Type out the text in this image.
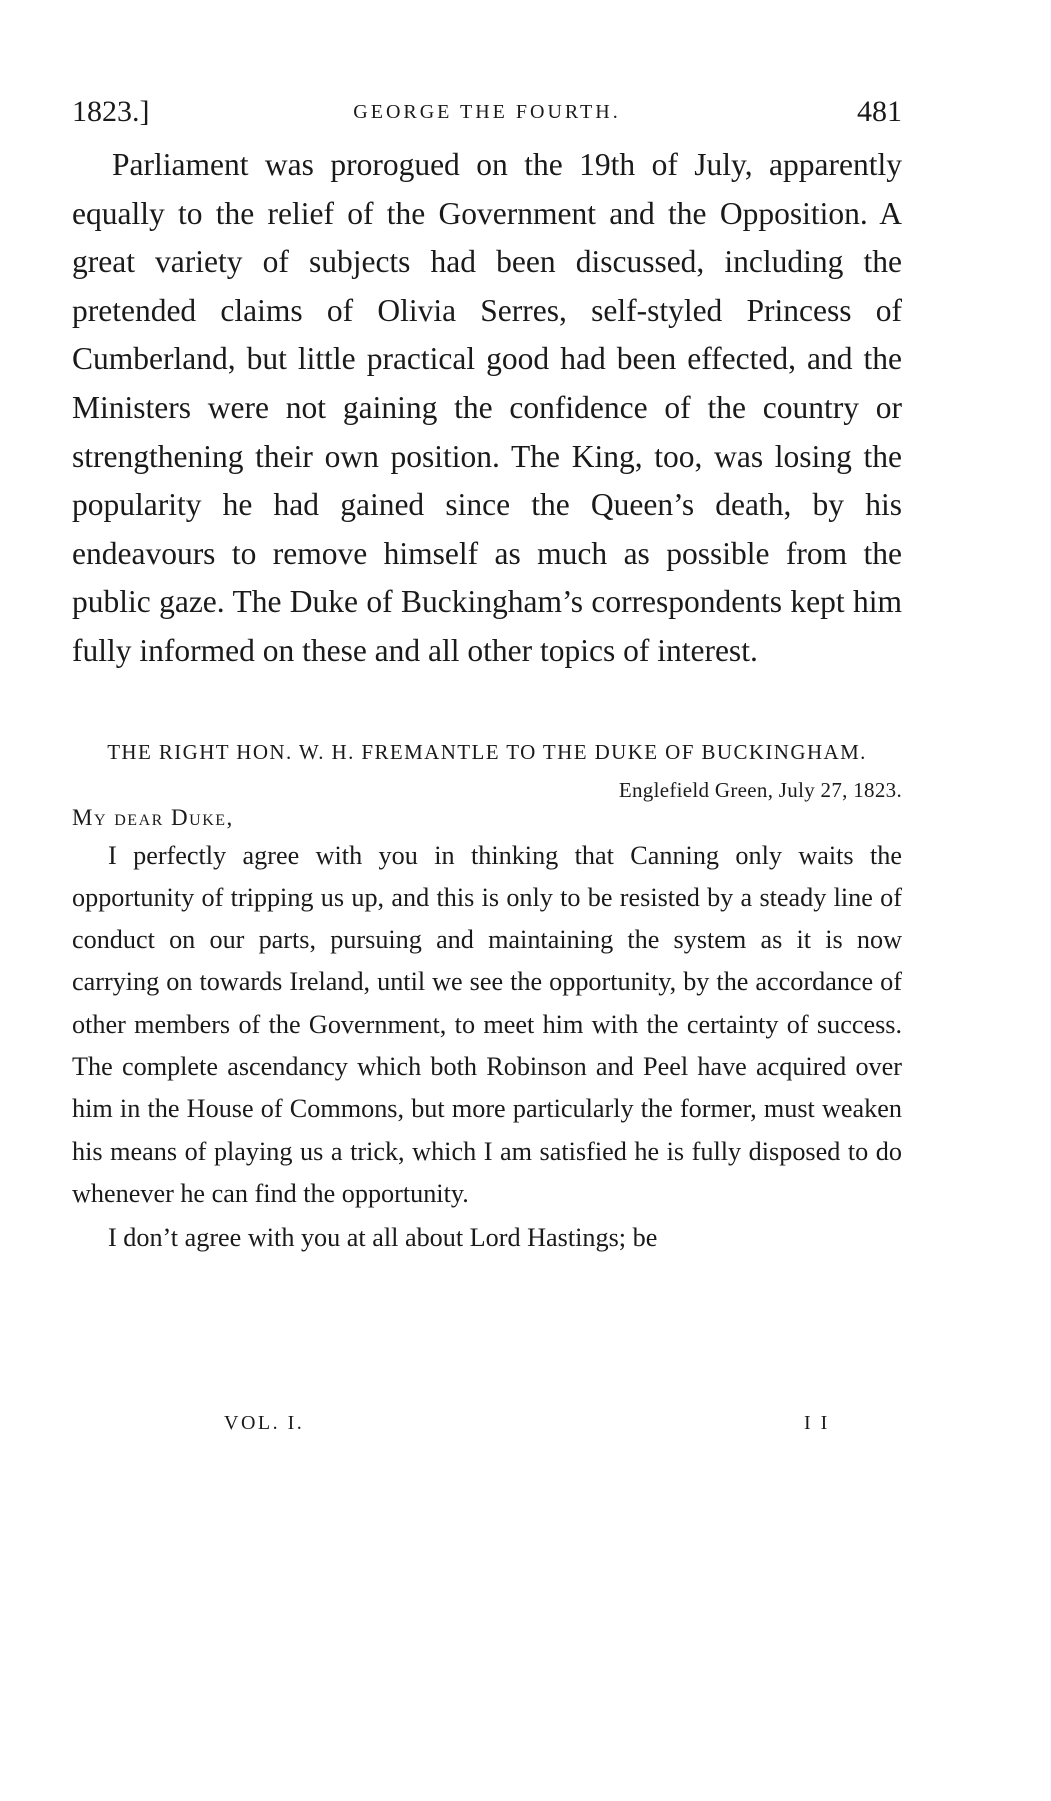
1823.]	GEORGE THE FOURTH.	481

Parliament was prorogued on the 19th of July, apparently equally to the relief of the Government and the Opposition. A great variety of subjects had been discussed, including the pretended claims of Olivia Serres, self-styled Princess of Cumberland, but little practical good had been effected, and the Ministers were not gaining the confidence of the country or strengthening their own position. The King, too, was losing the popularity he had gained since the Queen’s death, by his endeavours to remove himself as much as possible from the public gaze. The Duke of Buckingham’s correspondents kept him fully informed on these and all other topics of interest.

THE RIGHT HON. W. H. FREMANTLE TO THE DUKE OF BUCKINGHAM.
Englefield Green, July 27, 1823.
My dear Duke,

I perfectly agree with you in thinking that Canning only waits the opportunity of tripping us up, and this is only to be resisted by a steady line of conduct on our parts, pursuing and maintaining the system as it is now carrying on towards Ireland, until we see the opportunity, by the accordance of other members of the Government, to meet him with the certainty of success. The complete ascendancy which both Robinson and Peel have acquired over him in the House of Commons, but more particularly the former, must weaken his means of playing us a trick, which I am satisfied he is fully disposed to do whenever he can find the opportunity.

I don’t agree with you at all about Lord Hastings; be

VOL. I.	I I
